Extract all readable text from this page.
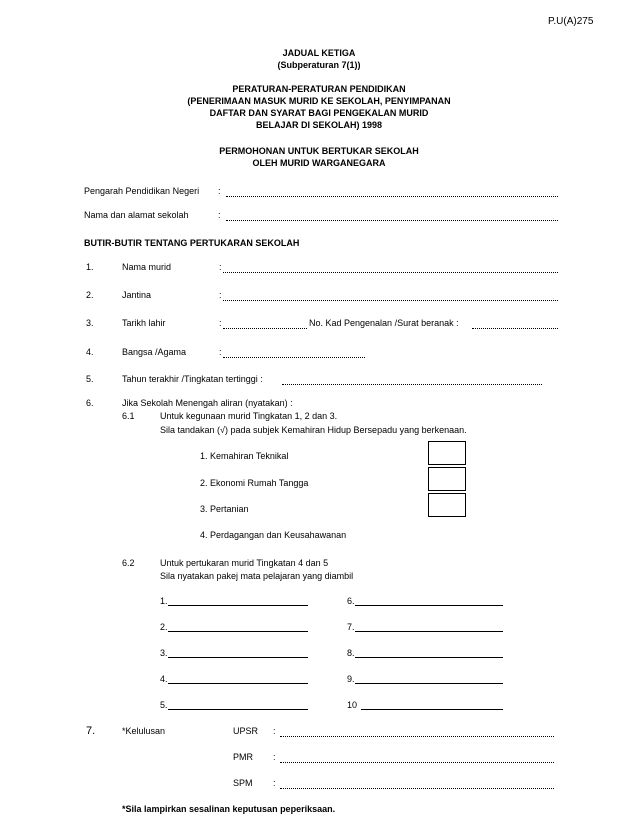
P.U(A)275
JADUAL KETIGA
(Subperaturan 7(1))
PERATURAN-PERATURAN PENDIDIKAN
(PENERIMAAN MASUK MURID KE SEKOLAH, PENYIMPANAN
DAFTAR DAN SYARAT BAGI PENGEKALAN MURID
BELAJAR DI SEKOLAH) 1998
PERMOHONAN UNTUK BERTUKAR SEKOLAH
OLEH MURID WARGANEGARA
Pengarah Pendidikan Negeri :
Nama dan alamat sekolah	:
BUTIR-BUTIR TENTANG PERTUKARAN SEKOLAH
1.	Nama murid	:
2.	Jantina	:
3.	Tarikh lahir	:	No. Kad Pengenalan /Surat beranak :
4.	Bangsa /Agama	:
5.	Tahun terakhir /Tingkatan tertinggi :
6.	Jika Sekolah Menengah aliran (nyatakan) :
6.1	Untuk kegunaan murid Tingkatan 1, 2 dan 3.
Sila tandakan (√) pada subjek Kemahiran Hidup Bersepadu yang berkenaan.
1. Kemahiran Teknikal
2. Ekonomi Rumah Tangga
3. Pertanian
4. Perdagangan dan Keusahawanan
6.2	Untuk pertukaran murid Tingkatan 4 dan 5
Sila nyatakan pakej mata pelajaran yang diambil
1.	6.
2.	7.
3.	8.
4.	9.
5.	10
7.	*Kelulusan	UPSR :
PMR :
SPM :
*Sila lampirkan sesalinan keputusan peperiksaan.
